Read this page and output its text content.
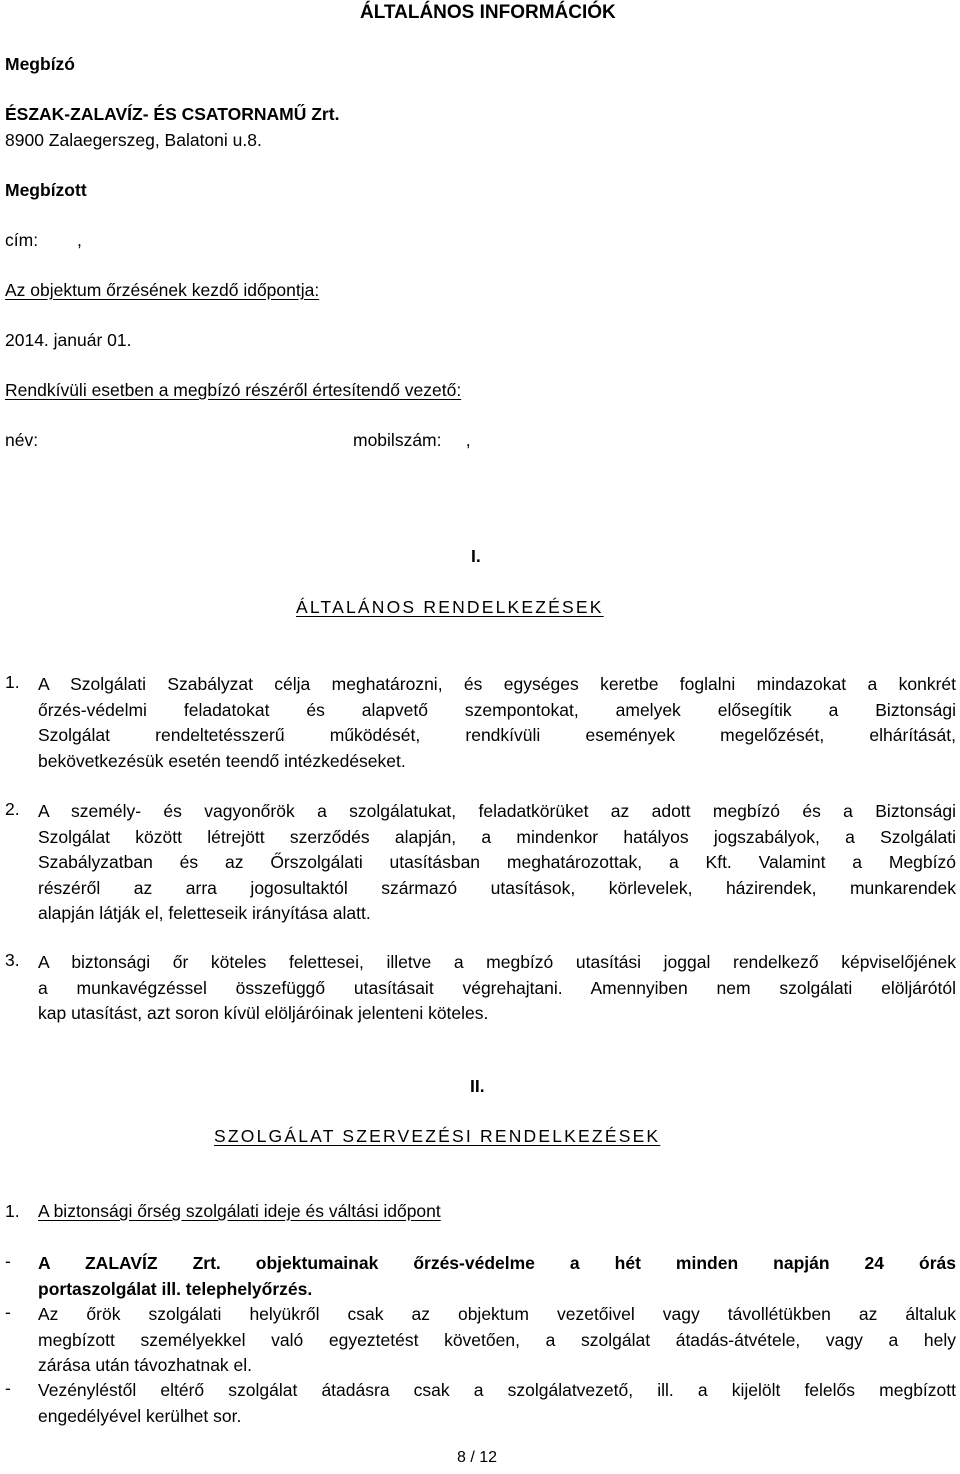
ÁLTALÁNOS INFORMÁCIÓK
Megbízó
ÉSZAK-ZALAVÍZ- ÉS CSATORNAMŰ Zrt.
8900 Zalaegerszeg, Balatoni u.8.
Megbízott
cím:        ,
Az objektum őrzésének kezdő időpontja:
2014. január 01.
Rendkívüli esetben a megbízó részéről értesítendő vezető:
név:	mobilszám:     ,
I.
ÁLTALÁNOS RENDELKEZÉSEK
1. A Szolgálati Szabályzat célja meghatározni, és egységes keretbe foglalni mindazokat a konkrét
őrzés-védelmi feladatokat és alapvető szempontokat, amelyek elősegítik a Biztonsági
Szolgálat rendeltetésszerű működését, rendkívüli események megelőzését, elhárítását,
bekövetkezésük esetén teendő intézkedéseket.

2. A személy- és vagyonőrök a szolgálatukat, feladatkörüket az adott megbízó és a Biztonsági
Szolgálat között létrejött szerződés alapján, a mindenkor hatályos jogszabályok, a Szolgálati
Szabályzatban és az Őrszolgálati utasításban meghatározottak, a Kft. Valamint a Megbízó
részéről az arra jogosultaktól származó utasítások, körlevelek, házirendek, munkarendek
alapján látják el, feletteseik irányítása alatt.

3. A biztonsági őr köteles felettesei, illetve a megbízó utasítási joggal rendelkező képviselőjének
a munkavégzéssel összefüggő utasításait végrehajtani. Amennyiben nem szolgálati elöljárótól
kap utasítást, azt soron kívül elöljáróinak jelenteni köteles.

II.
SZOLGÁLAT SZERVEZÉSI RENDELKEZÉSEK
1. A biztonsági őrség szolgálati ideje és váltási időpont
- A ZALAVÍZ Zrt. objektumainak őrzés-védelme a hét minden napján 24 órás
portaszolgálat ill. telephelyőrzés.

- Az őrök szolgálati helyükről csak az objektum vezetőivel vagy távollétükben az általuk
megbízott személyekkel való egyeztetést követően, a szolgálat átadás-átvétele, vagy a hely
zárása után távozhatnak el.

- Vezényléstől eltérő szolgálat átadásra csak a szolgálatvezető, ill. a kijelölt felelős megbízott
engedélyével kerülhet sor.

8 / 12
